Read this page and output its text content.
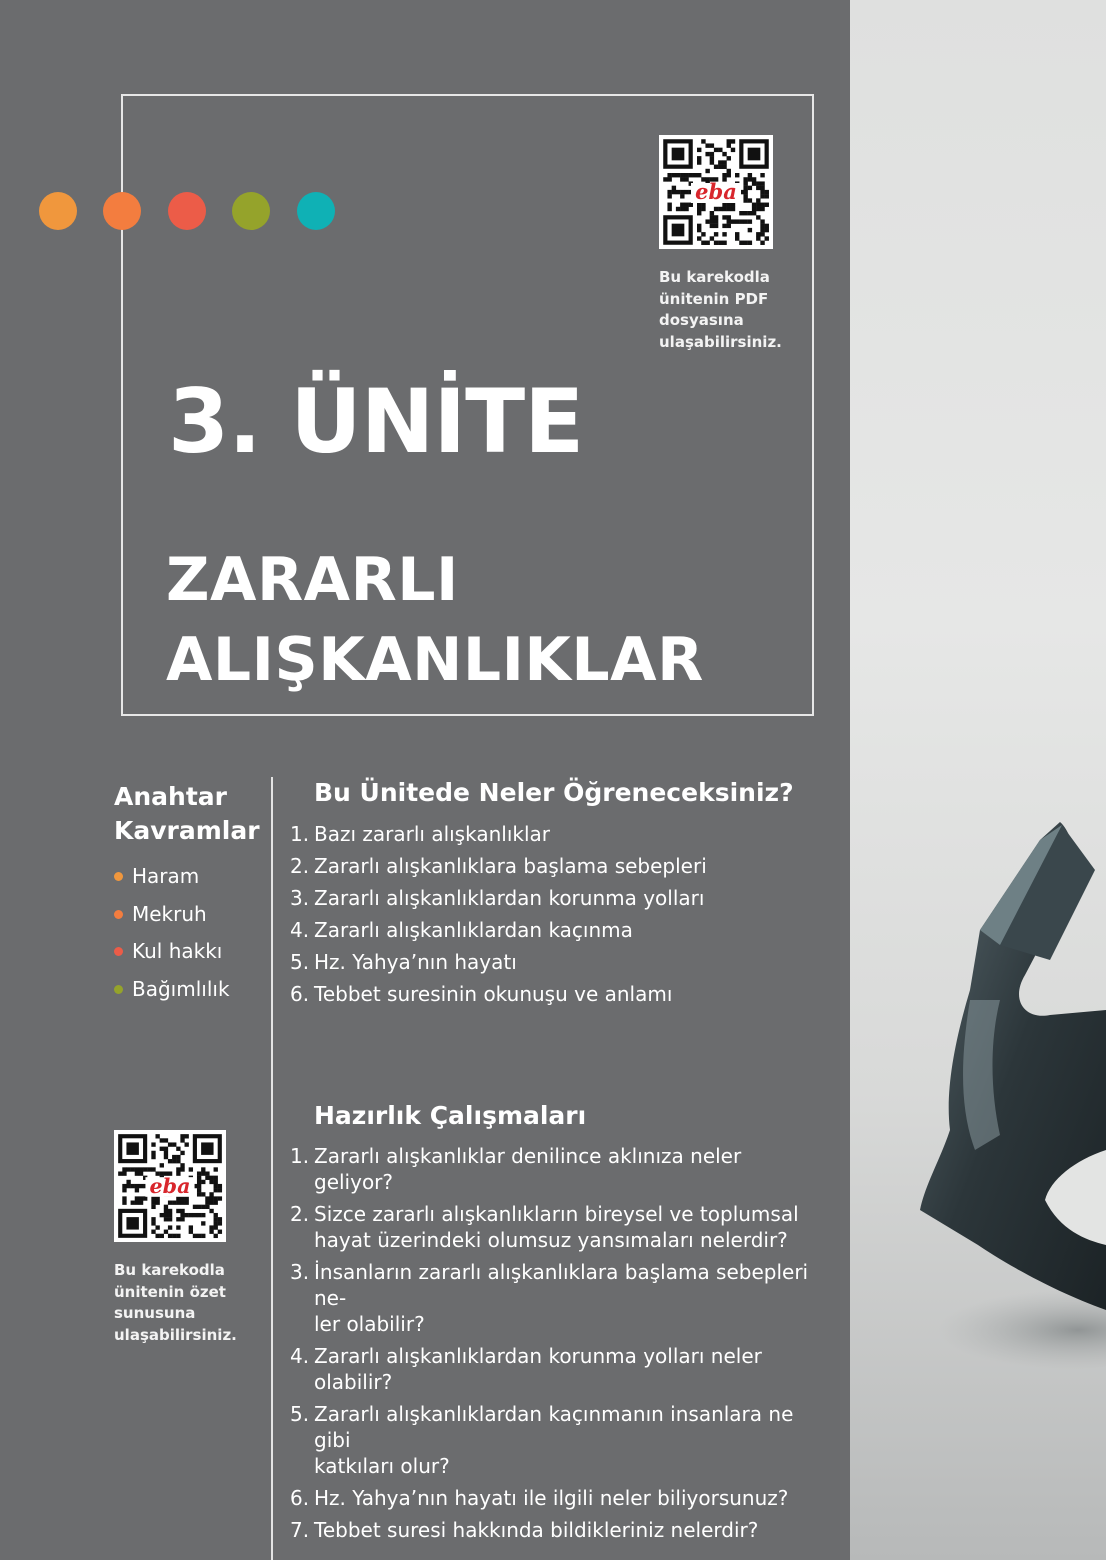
eba
Bu karekodla
ünitenin PDF
dosyasına
ulaşabilirsiniz.
3. ÜNİTE
ZARARLI
ALIŞKANLIKLAR
Anahtar
Kavramlar
Haram
Mekruh
Kul hakkı
Bağımlılık
Bu Ünitede Neler Öğreneceksiniz?
1. Bazı zararlı alışkanlıklar
2. Zararlı alışkanlıklara başlama sebepleri
3. Zararlı alışkanlıklardan korunma yolları
4. Zararlı alışkanlıklardan kaçınma
5. Hz. Yahya’nın hayatı
6. Tebbet suresinin okunuşu ve anlamı
eba
Bu karekodla
ünitenin özet
sunusuna
ulaşabilirsiniz.
Hazırlık Çalışmaları
1. Zararlı alışkanlıklar denilince aklınıza neler geliyor?
2. Sizce zararlı alışkanlıkların bireysel ve toplumsal
hayat üzerindeki olumsuz yansımaları nelerdir?
3. İnsanların zararlı alışkanlıklara başlama sebepleri ne-
ler olabilir?
4. Zararlı alışkanlıklardan korunma yolları neler
olabilir?
5. Zararlı alışkanlıklardan kaçınmanın insanlara ne gibi
katkıları olur?
6. Hz. Yahya’nın hayatı ile ilgili neler biliyorsunuz?
7. Tebbet suresi hakkında bildikleriniz nelerdir?
